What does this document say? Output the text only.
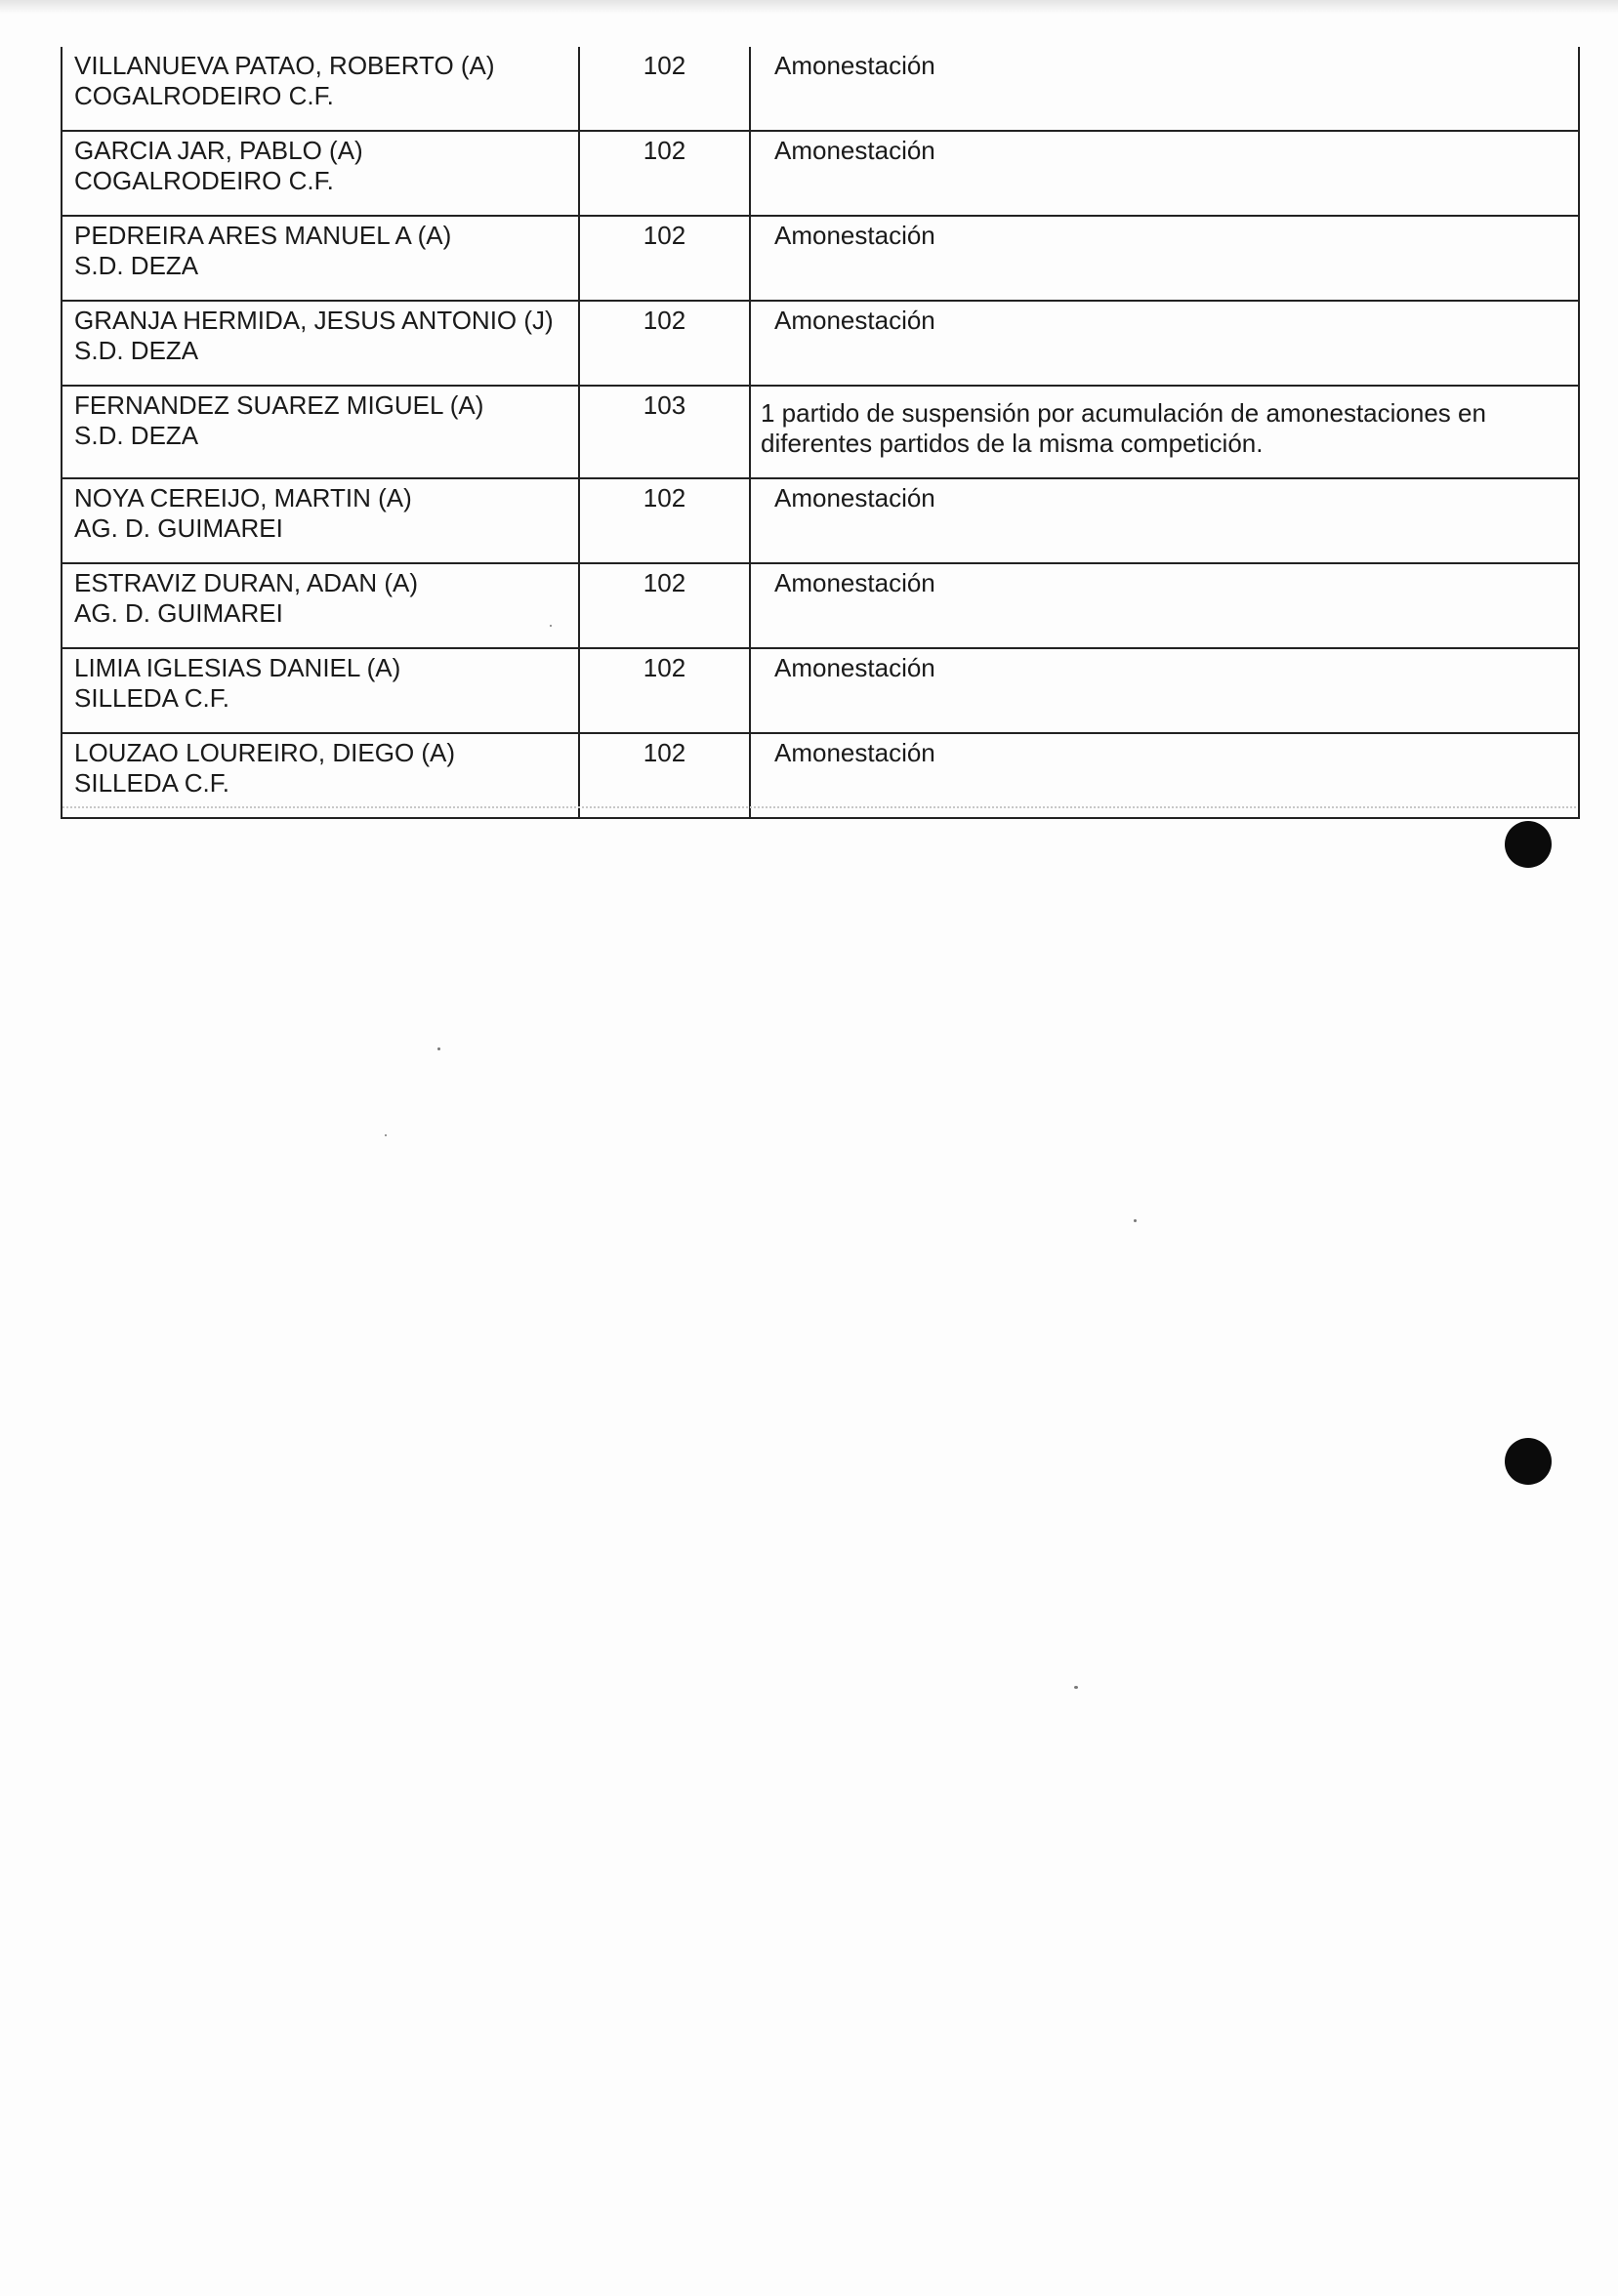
VILLANUEVA PATAO, ROBERTO (A)
COGALRODEIRO C.F.	102	Amonestación

GARCIA JAR, PABLO (A)
COGALRODEIRO C.F.	102	Amonestación

PEDREIRA ARES MANUEL A (A)
S.D. DEZA	102	Amonestación

GRANJA HERMIDA, JESUS ANTONIO (J)
S.D. DEZA	102	Amonestación

FERNANDEZ SUAREZ MIGUEL (A)
S.D. DEZA	103	1 partido de suspensión por acumulación de amonestaciones en diferentes partidos de la misma competición.

NOYA CEREIJO, MARTIN (A)
AG. D. GUIMAREI	102	Amonestación

ESTRAVIZ DURAN, ADAN (A)
AG. D. GUIMAREI	102	Amonestación

LIMIA IGLESIAS DANIEL (A)
SILLEDA C.F.	102	Amonestación

LOUZAO LOUREIRO, DIEGO (A)
SILLEDA C.F.	102	Amonestación
